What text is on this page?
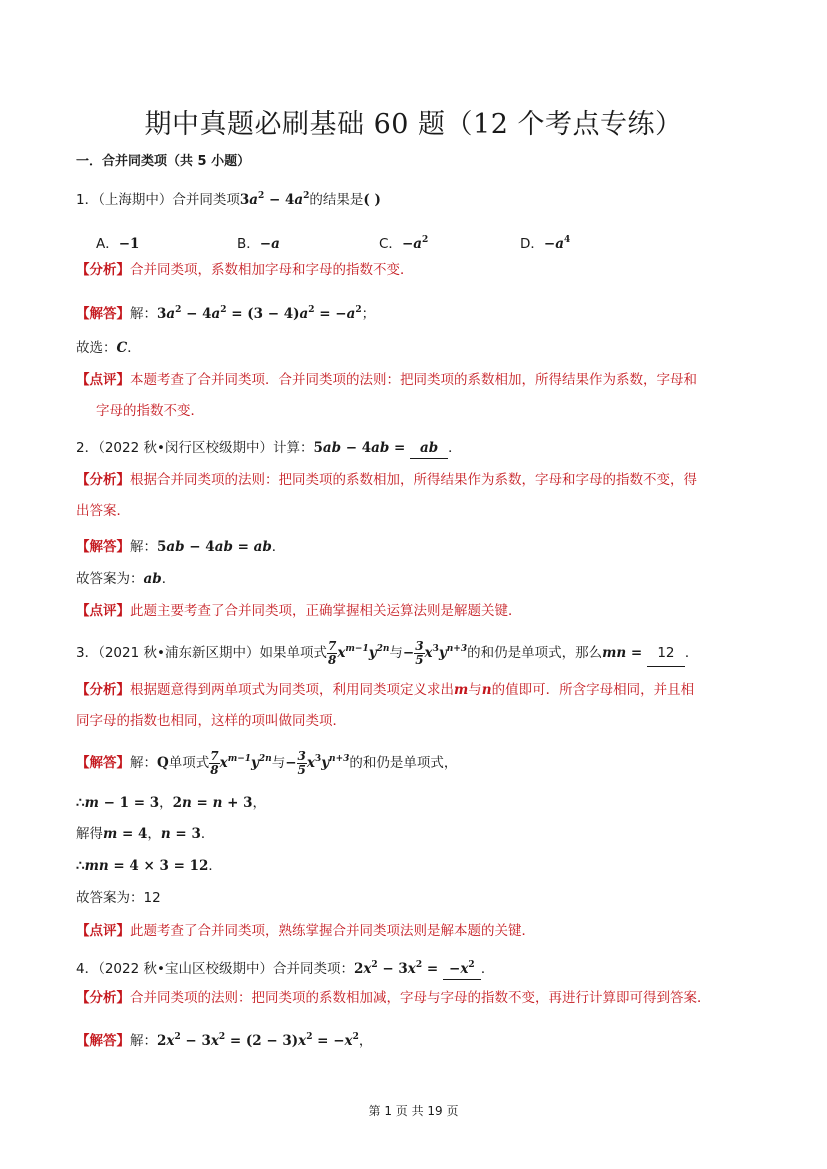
期中真题必刷基础 60 题（12 个考点专练）
一．合并同类项（共 5 小题）
1．（上海期中）合并同类项$3a^2 - 4a^2$的结果是( )
A．−1	B．−a	C．$-a^2$	D．$-a^4$
【分析】合并同类项，系数相加字母和字母的指数不变．
【解答】解：$3a^2 - 4a^2 = (3 - 4)a^2 = -a^2$；
故选：C．
【点评】本题考查了合并同类项．合并同类项的法则：把同类项的系数相加，所得结果作为系数，字母和
字母的指数不变．
2．（2022 秋•闵行区校级期中）计算：5ab − 4ab = ab ．
【分析】根据合并同类项的法则：把同类项的系数相加，所得结果作为系数，字母和字母的指数不变，得
出答案．
【解答】解：5ab − 4ab = ab．
故答案为：ab．
【点评】此题主要考查了合并同类项，正确掌握相关运算法则是解题关键．
3．（2021 秋•浦东新区期中）如果单项式 $\frac{7}{8} x^{m-1}y^{2n}$与− $\frac{3}{5} x^3y^{n+3}$的和仍是单项式，那么mn = 12 ．
【分析】根据题意得到两单项式为同类项，利用同类项定义求出m与n的值即可．所含字母相同，并且相
同字母的指数也相同，这样的项叫做同类项．
【解答】解：Q单项式 $\frac{7}{8} x^{m-1}y^{2n}$与− $\frac{3}{5} x^3y^{n+3}$的和仍是单项式，
∴m − 1 = 3，2n = n + 3，
解得m = 4，n = 3．
∴mn = 4 × 3 = 12．
故答案为：12
【点评】此题考查了合并同类项，熟练掌握合并同类项法则是解本题的关键．
4．（2022 秋•宝山区校级期中）合并同类项：$2x^2 - 3x^2 = -x^2$ ．
【分析】合并同类项的法则：把同类项的系数相加减，字母与字母的指数不变，再进行计算即可得到答案．
【解答】解：$2x^2 - 3x^2 = (2 - 3)x^2 = -x^2$，
第 1 页 共 19 页
